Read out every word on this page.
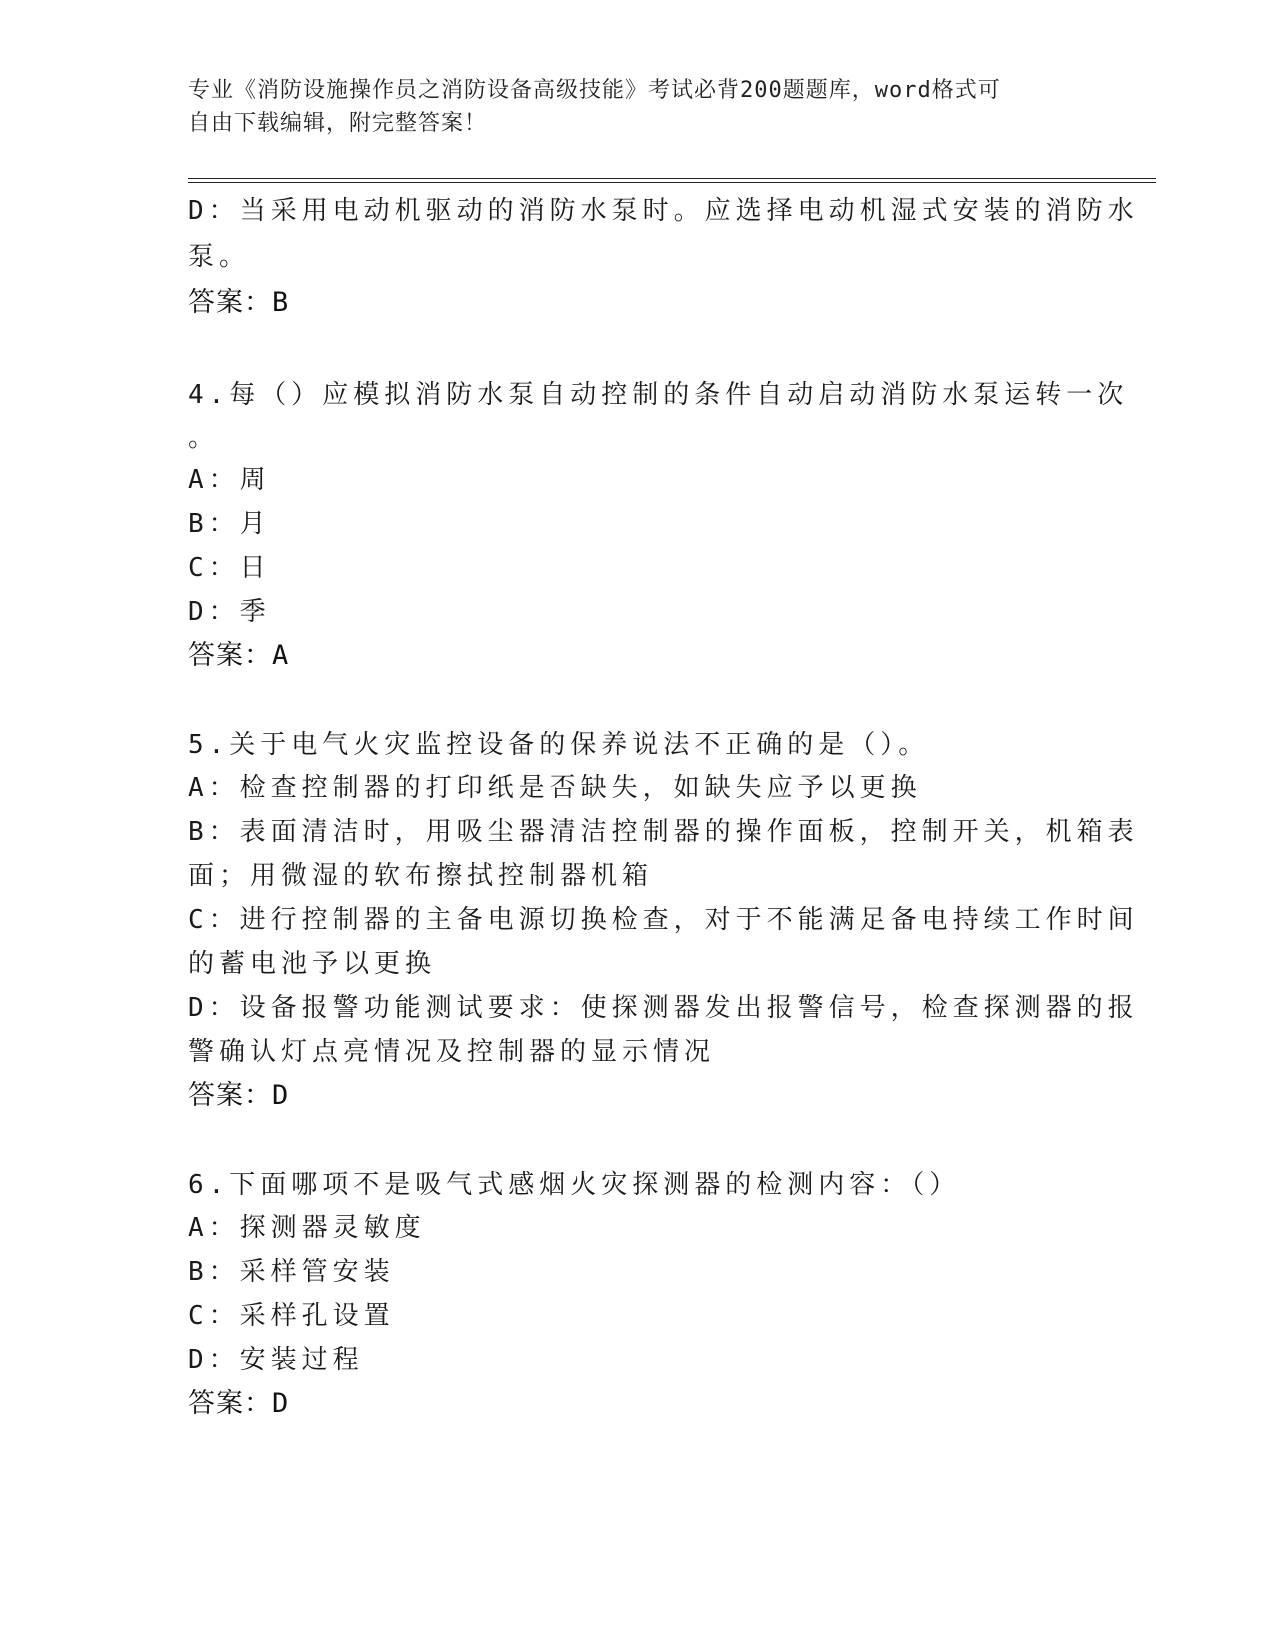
专业《消防设施操作员之消防设备高级技能》考试必背200题题库，word格式可
自由下载编辑，附完整答案！
D：当采用电动机驱动的消防水泵时。应选择电动机湿式安装的消防水
泵。
答案：B
4.每（）应模拟消防水泵自动控制的条件自动启动消防水泵运转一次
。
A：周
B：月
C：日
D：季
答案：A
5.关于电气火灾监控设备的保养说法不正确的是（）。
A：检查控制器的打印纸是否缺失，如缺失应予以更换
B：表面清洁时，用吸尘器清洁控制器的操作面板，控制开关，机箱表
面；用微湿的软布擦拭控制器机箱
C：进行控制器的主备电源切换检查，对于不能满足备电持续工作时间
的蓄电池予以更换
D：设备报警功能测试要求：使探测器发出报警信号，检查探测器的报
警确认灯点亮情况及控制器的显示情况
答案：D
6.下面哪项不是吸气式感烟火灾探测器的检测内容：（）
A：探测器灵敏度
B：采样管安装
C：采样孔设置
D：安装过程
答案：D
